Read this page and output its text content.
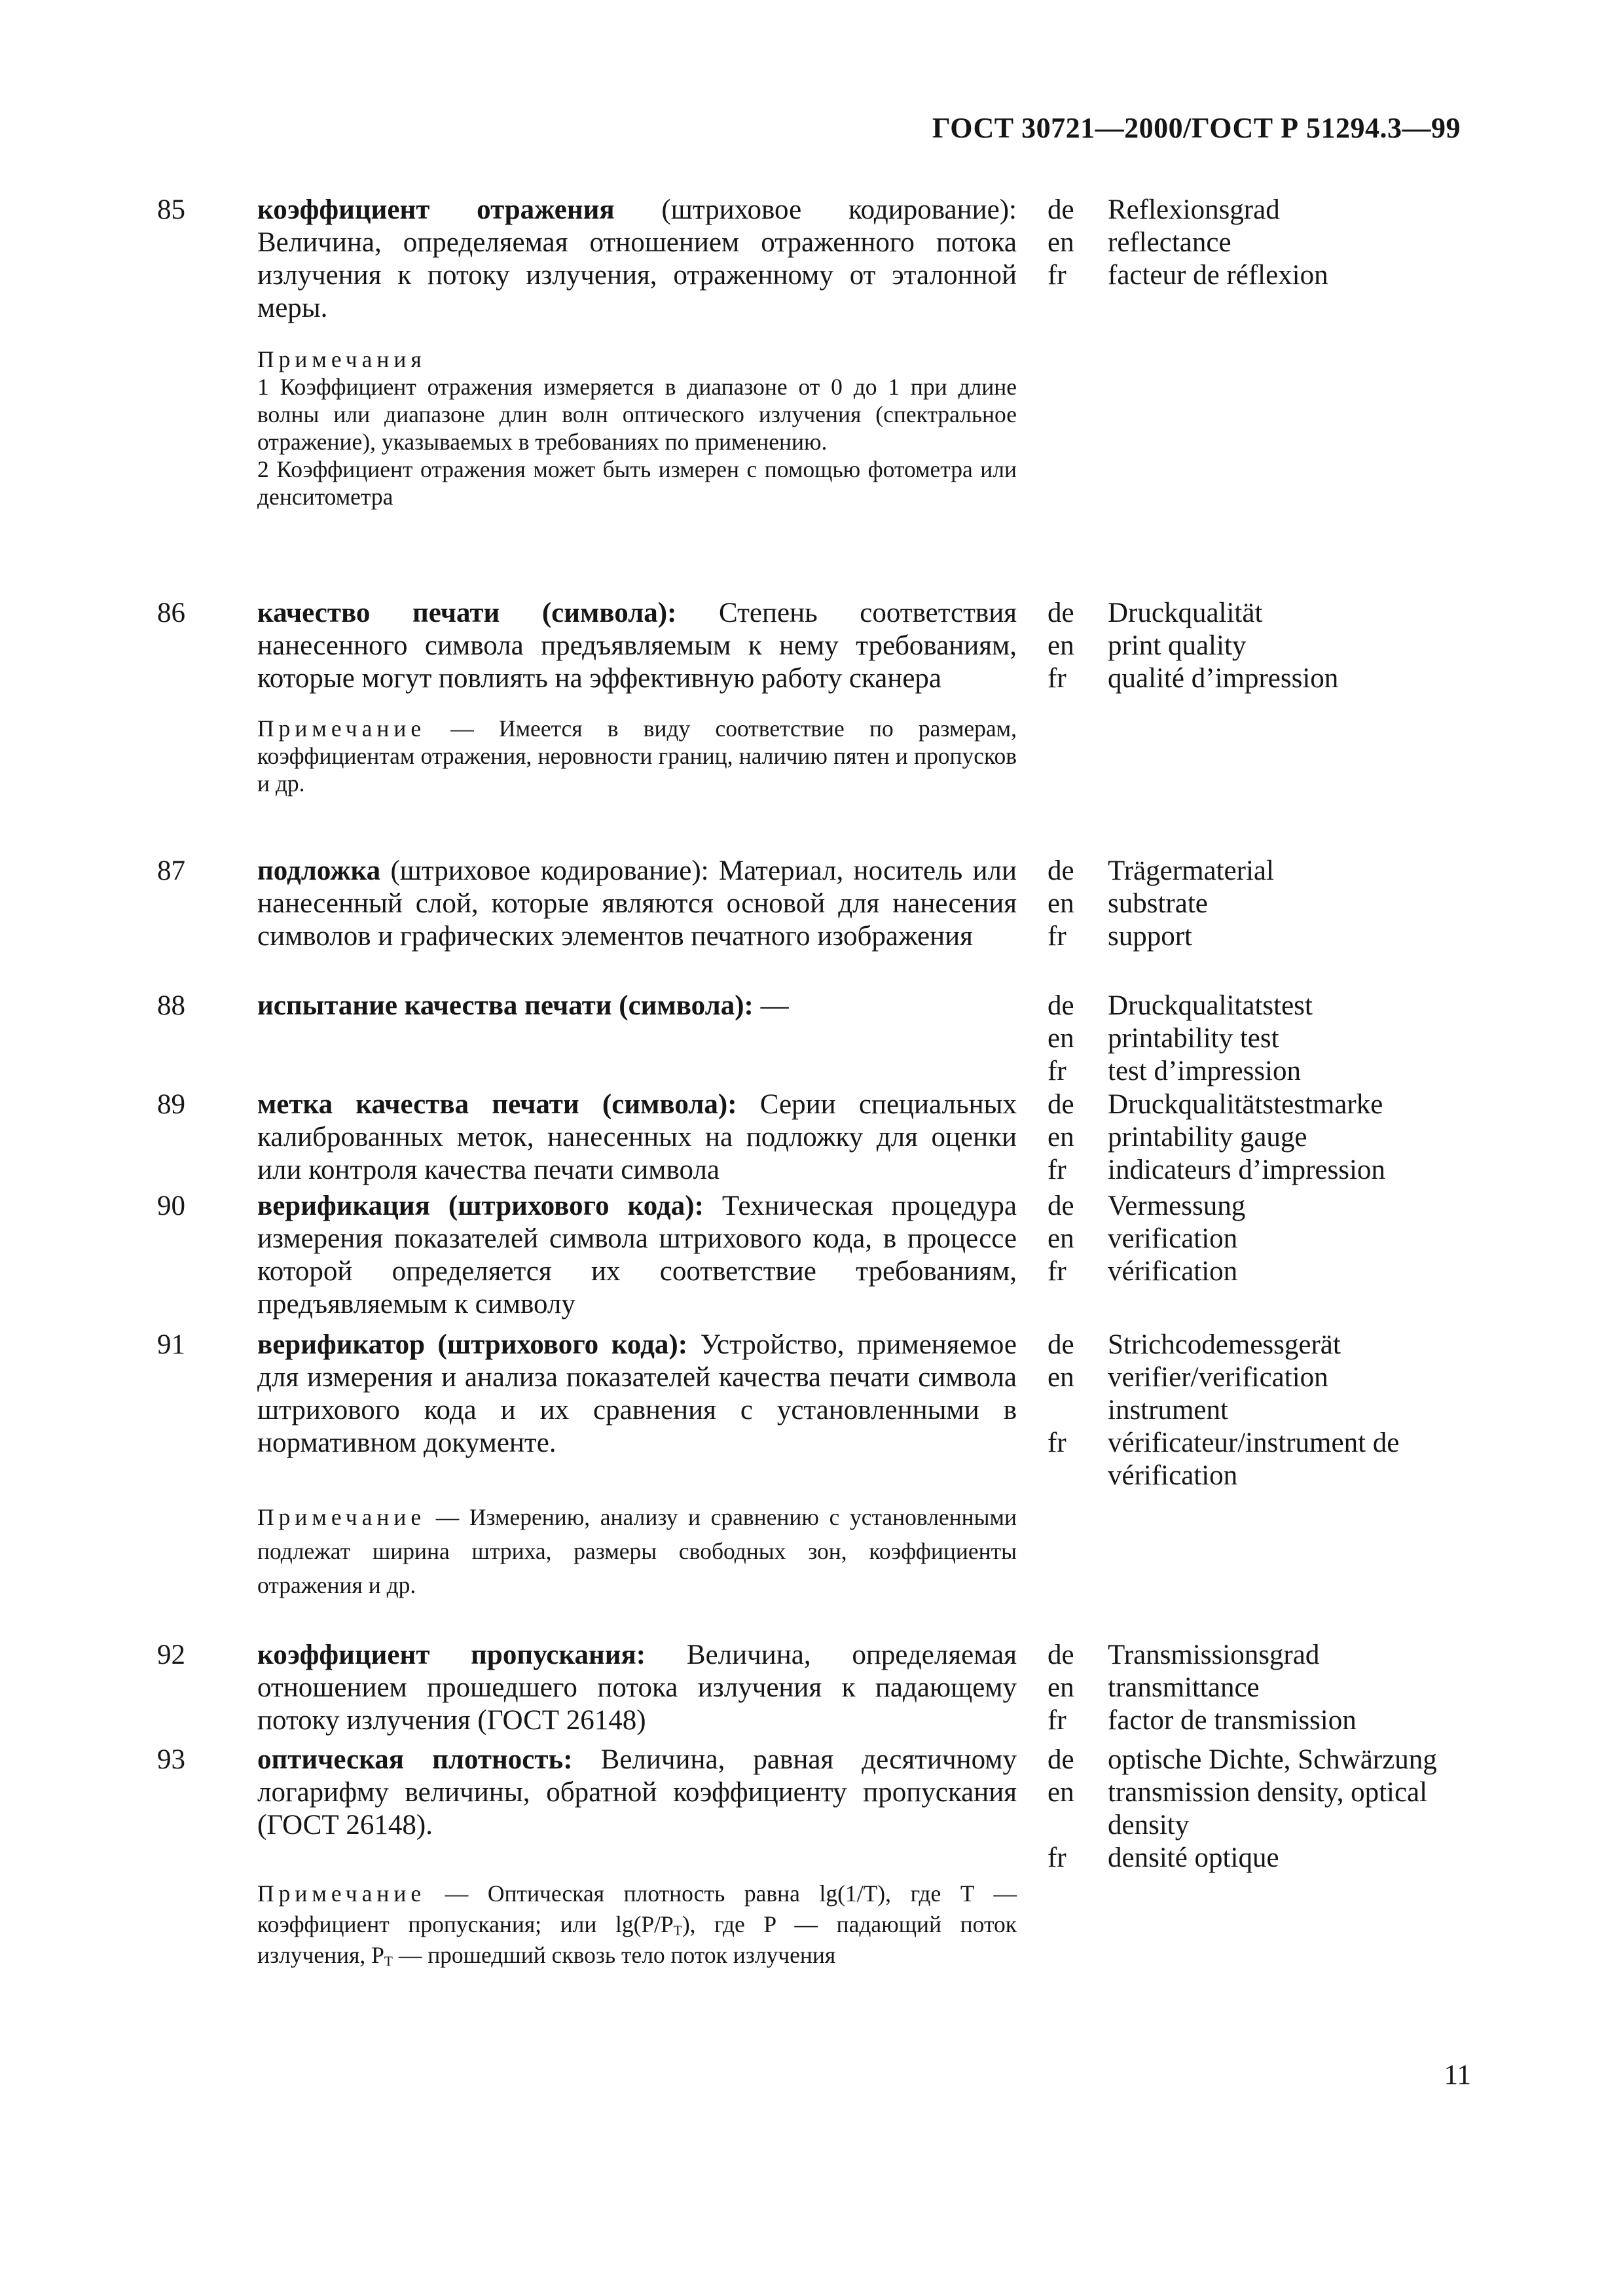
ГОСТ 30721—2000/ГОСТ Р 51294.3—99
85	коэффициент отражения (штриховое кодирование): Величина, определяемая отношением отраженного потока излучения к потоку излучения, отраженному от эталонной меры.
de	Reflexionsgrad
en	reflectance
fr	facteur de réflexion
Примечания
1 Коэффициент отражения измеряется в диапазоне от 0 до 1 при длине волны или диапазоне длин волн оптического излучения (спектральное отражение), указываемых в требованиях по применению.
2 Коэффициент отражения может быть измерен с помощью фотометра или денситометра
86	качество печати (символа): Степень соответствия нанесенного символа предъявляемым к нему требованиям, которые могут повлиять на эффективную работу сканера
de	Druckqualität
en	print quality
fr	qualité d’impression
Примечание — Имеется в виду соответствие по размерам, коэффициентам отражения, неровности границ, наличию пятен и пропусков и др.
87	подложка (штриховое кодирование): Материал, носитель или нанесенный слой, которые являются основой для нанесения символов и графических элементов печатного изображения
de	Trägermaterial
en	substrate
fr	support
88	испытание качества печати (символа): —	de	Druckqualitatstest
en	printability test
fr	test d’impression
89	метка качества печати (символа): Серии специальных калиброванных меток, нанесенных на подложку для оценки или контроля качества печати символа
de	Druckqualitätstestmarke
en	printability gauge
fr	indicateurs d’impression
90	верификация (штрихового кода): Техническая процедура измерения показателей символа штрихового кода, в процессе которой определяется их соответствие требованиям, предъявляемым к символу
de	Vermessung
en	verification
fr	vérification
91	верификатор (штрихового кода): Устройство, применяемое для измерения и анализа показателей качества печати символа штрихового кода и их сравнения с установленными в нормативном документе.
de	Strichcodemessgerät
en	verifier/verification instrument
fr	vérificateur/instrument de vérification
Примечание — Измерению, анализу и сравнению с установленными подлежат ширина штриха, размеры свободных зон, коэффициенты отражения и др.
92	коэффициент пропускания: Величина, определяемая отношением прошедшего потока излучения к падающему потоку излучения (ГОСТ 26148)
de	Transmissionsgrad
en	transmittance
fr	factor de transmission
93	оптическая плотность: Величина, равная десятичному логарифму величины, обратной коэффициенту пропускания (ГОСТ 26148).
de	optische Dichte, Schwärzung
en	transmission density, optical density
fr	densité optique
Примечание — Оптическая плотность равна lg(1/T), где T — коэффициент пропускания; или $\lg(P/P_T)$, где P — падающий поток излучения, $P_T$ — прошедший сквозь тело поток излучения
11
